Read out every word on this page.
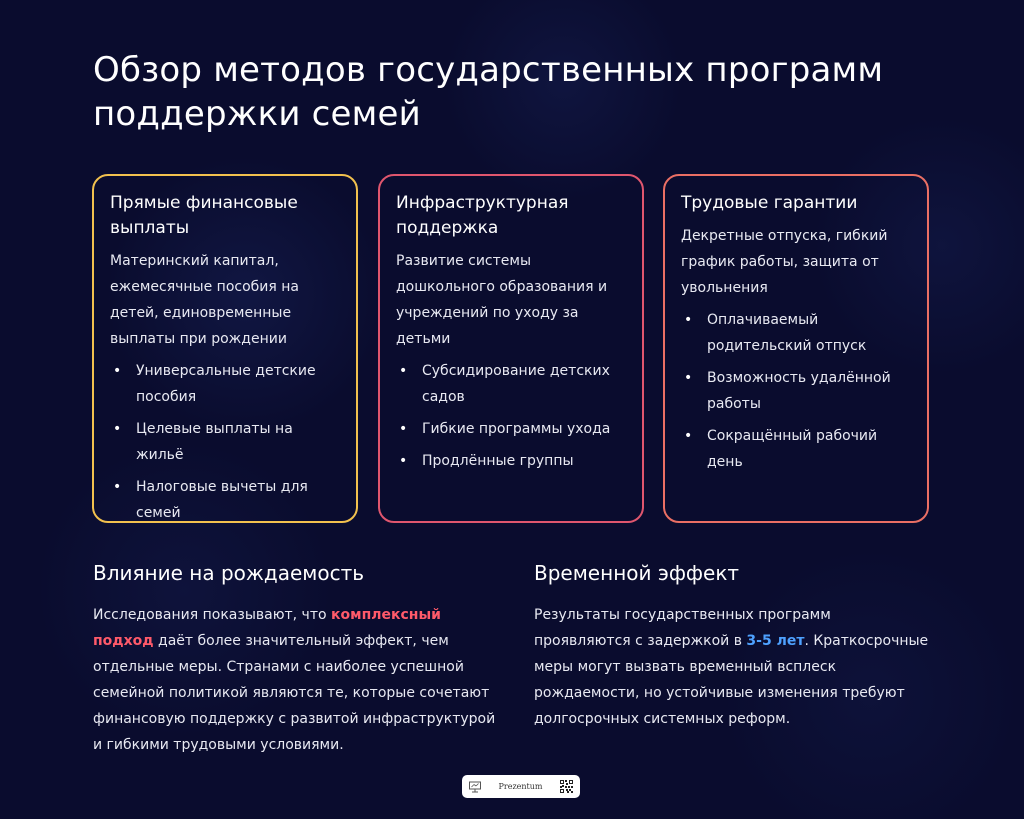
Обзор методов государственных программ поддержки семей
Прямые финансовые выплаты

Материнский капитал, ежемесячные пособия на детей, единовременные выплаты при рождении

• Универсальные детские пособия
• Целевые выплаты на жильё
• Налоговые вычеты для семей
Инфраструктурная поддержка

Развитие системы дошкольного образования и учреждений по уходу за детьми

• Субсидирование детских садов
• Гибкие программы ухода
• Продлённые группы
Трудовые гарантии

Декретные отпуска, гибкий график работы, защита от увольнения

• Оплачиваемый родительский отпуск
• Возможность удалённой работы
• Сокращённый рабочий день
Влияние на рождаемость

Исследования показывают, что комплексный подход даёт более значительный эффект, чем отдельные меры. Странами с наиболее успешной семейной политикой являются те, которые сочетают финансовую поддержку с развитой инфраструктурой и гибкими трудовыми условиями.

Временной эффект

Результаты государственных программ проявляются с задержкой в 3-5 лет. Краткосрочные меры могут вызвать временный всплеск рождаемости, но устойчивые изменения требуют долгосрочных системных реформ.

Prezentum
